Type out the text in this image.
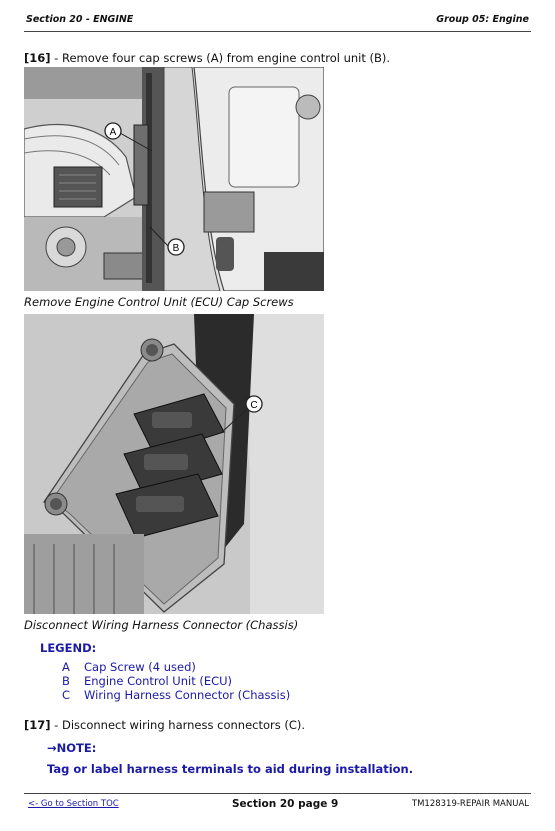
Section 20 - ENGINE	Group 05: Engine
[16] - Remove four cap screws (A) from engine control unit (B).
A
B
Remove Engine Control Unit (ECU) Cap Screws
C
Disconnect Wiring Harness Connector (Chassis)
LEGEND:
A Cap Screw (4 used)
B Engine Control Unit (ECU)
C Wiring Harness Connector (Chassis)
[17] - Disconnect wiring harness connectors (C).
→NOTE:
Tag or label harness terminals to aid during installation.
<- Go to Section TOC	Section 20 page 9	TM128319-REPAIR MANUAL
